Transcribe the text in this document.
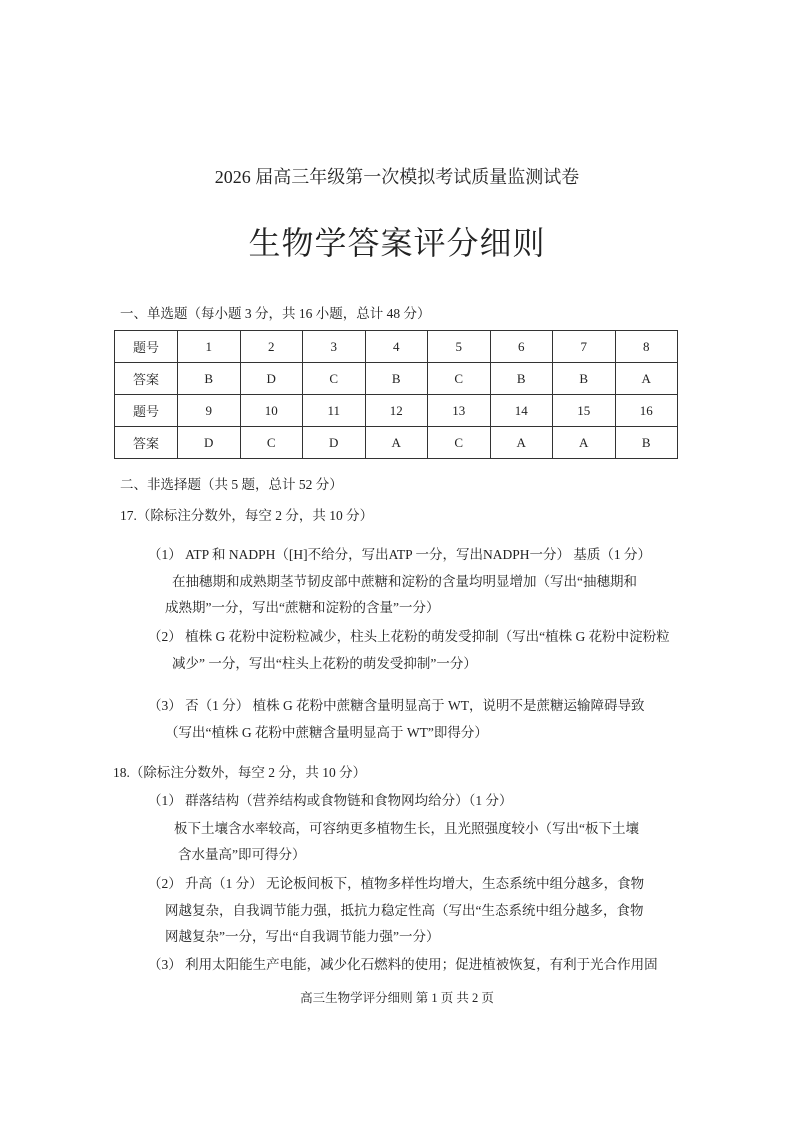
2026 届高三年级第一次模拟考试质量监测试卷
生物学答案评分细则
一、单选题（每小题 3 分，共 16 小题，总计 48 分）
题号	1	2	3	4	5	6	7	8
答案	B	D	C	B	C	B	B	A
题号	9	10	11	12	13	14	15	16
答案	D	C	D	A	C	A	A	B
二、非选择题（共 5 题，总计 52 分）
17.（除标注分数外，每空 2 分，共 10 分）
（1） ATP 和 NADPH（[H]不给分，写出ATP 一分，写出NADPH一分） 基质（1 分）
在抽穗期和成熟期茎节韧皮部中蔗糖和淀粉的含量均明显增加（写出“抽穗期和
成熟期”一分，写出“蔗糖和淀粉的含量”一分）
（2） 植株 G 花粉中淀粉粒减少，柱头上花粉的萌发受抑制（写出“植株 G 花粉中淀粉粒
减少” 一分，写出“柱头上花粉的萌发受抑制”一分）
（3） 否（1 分） 植株 G 花粉中蔗糖含量明显高于 WT，说明不是蔗糖运输障碍导致
（写出“植株 G 花粉中蔗糖含量明显高于 WT”即得分）
18.（除标注分数外，每空 2 分，共 10 分）
（1） 群落结构（营养结构或食物链和食物网均给分）（1 分）
板下土壤含水率较高，可容纳更多植物生长，且光照强度较小（写出“板下土壤
含水量高”即可得分）
（2） 升高（1 分） 无论板间板下，植物多样性均增大，生态系统中组分越多，食物
网越复杂，自我调节能力强，抵抗力稳定性高（写出“生态系统中组分越多，食物
网越复杂”一分，写出“自我调节能力强”一分）
（3） 利用太阳能生产电能，减少化石燃料的使用；促进植被恢复，有利于光合作用固
高三生物学评分细则 第 1 页 共 2 页
